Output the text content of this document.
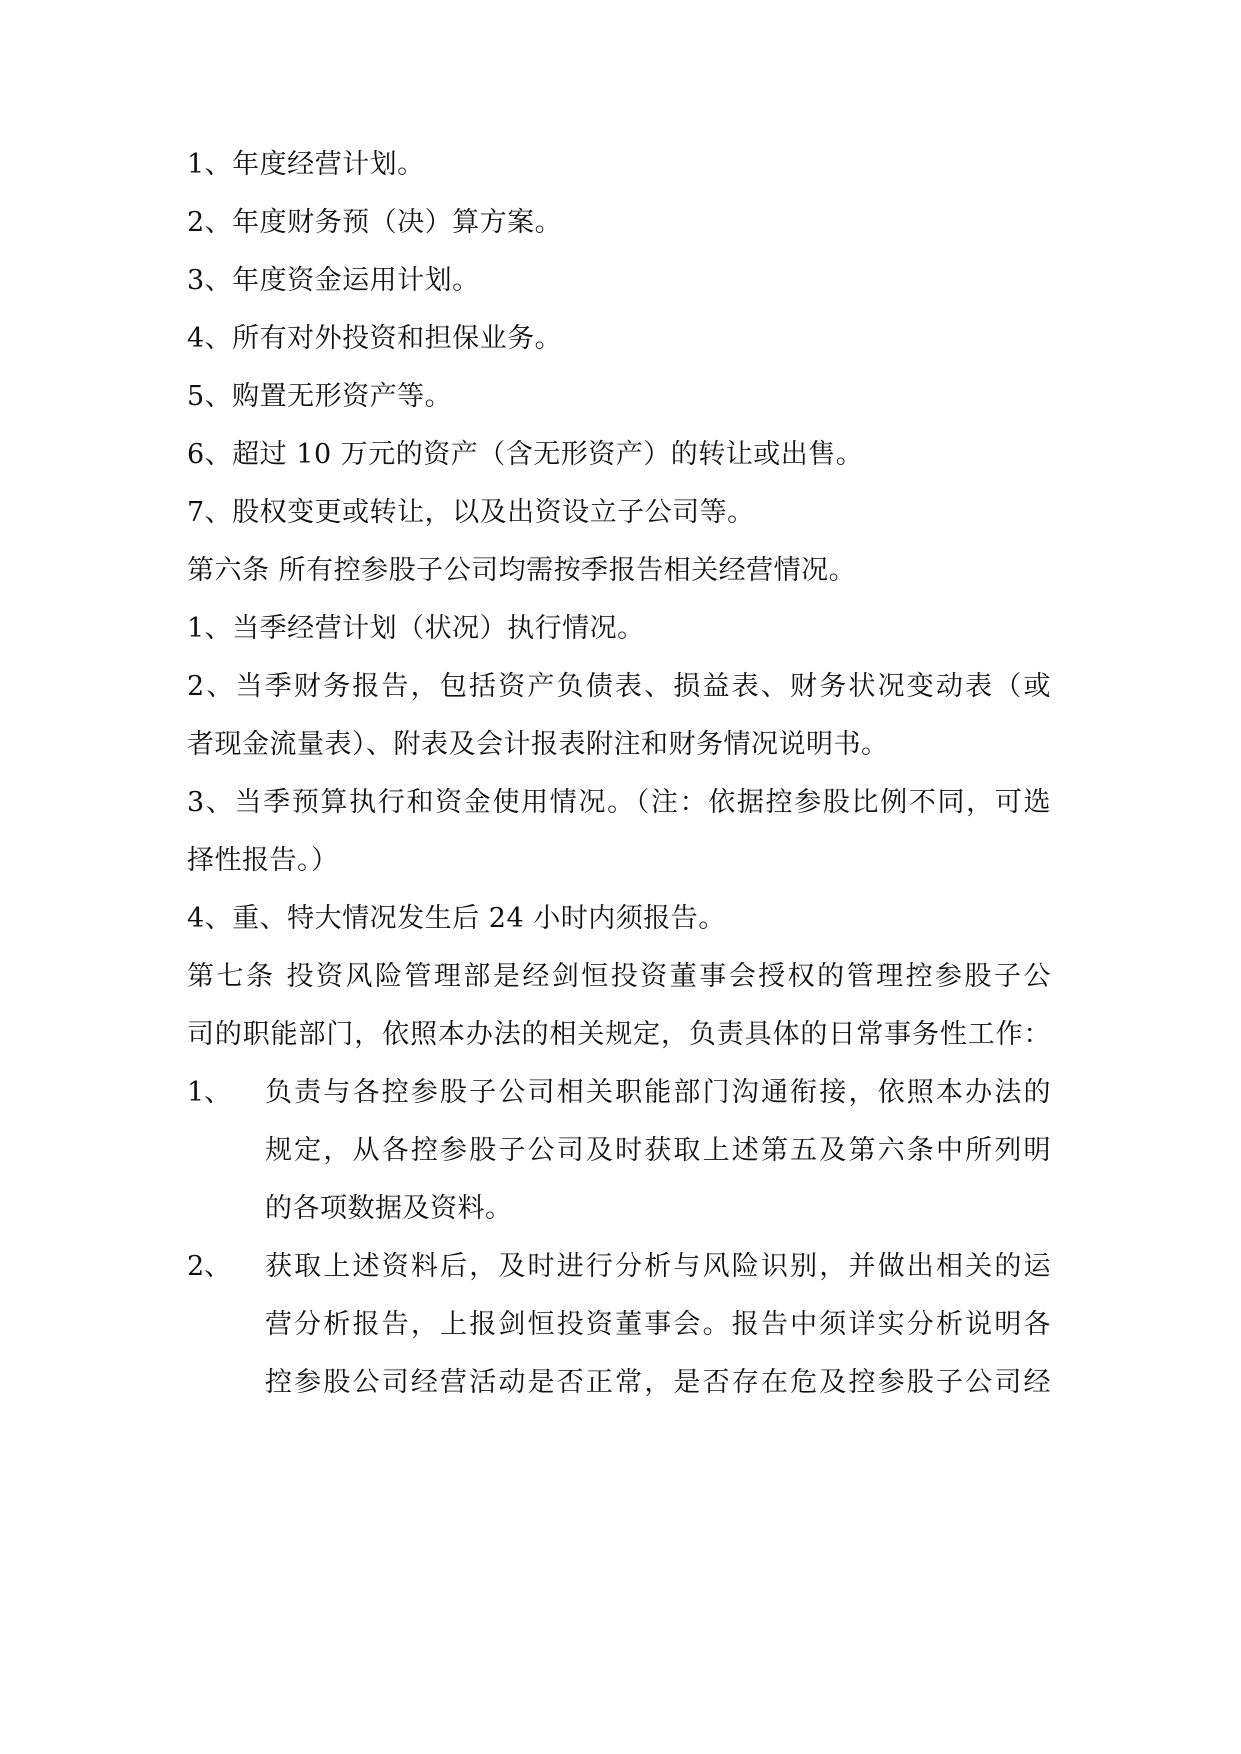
1、年度经营计划。
2、年度财务预（决）算方案。
3、年度资金运用计划。
4、所有对外投资和担保业务。
5、购置无形资产等。
6、超过 10 万元的资产（含无形资产）的转让或出售。
7、股权变更或转让，以及出资设立子公司等。
第六条 所有控参股子公司均需按季报告相关经营情况。
1、当季经营计划（状况）执行情况。
2、当季财务报告，包括资产负债表、损益表、财务状况变动表（或
者现金流量表）、附表及会计报表附注和财务情况说明书。
3、当季预算执行和资金使用情况。（注：依据控参股比例不同，可选
择性报告。）
4、重、特大情况发生后 24 小时内须报告。
第七条 投资风险管理部是经剑恒投资董事会授权的管理控参股子公
司的职能部门，依照本办法的相关规定，负责具体的日常事务性工作：
1、 负责与各控参股子公司相关职能部门沟通衔接，依照本办法的
规定，从各控参股子公司及时获取上述第五及第六条中所列明
的各项数据及资料。
2、 获取上述资料后，及时进行分析与风险识别，并做出相关的运
营分析报告，上报剑恒投资董事会。报告中须详实分析说明各
控参股公司经营活动是否正常，是否存在危及控参股子公司经
